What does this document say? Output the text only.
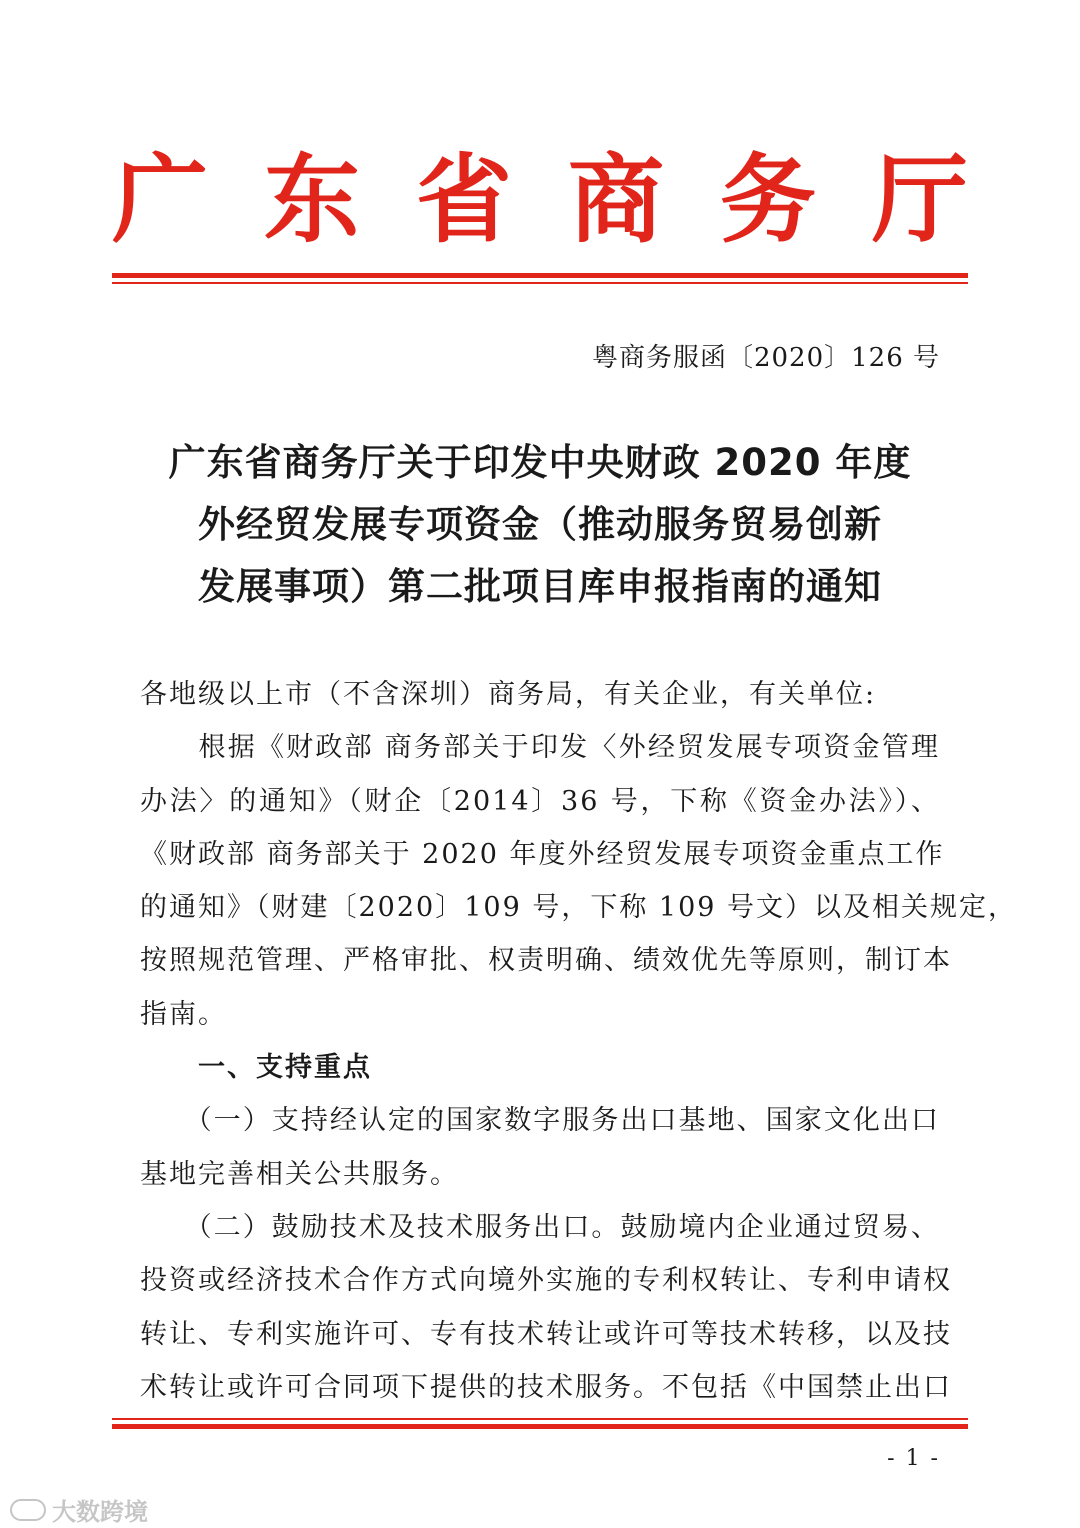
广 东 省 商 务 厅
粤商务服函〔2020〕126 号
广东省商务厅关于印发中央财政 2020 年度
外经贸发展专项资金（推动服务贸易创新
发展事项）第二批项目库申报指南的通知
各地级以上市（不含深圳）商务局，有关企业，有关单位:
　　根据《财政部 商务部关于印发〈外经贸发展专项资金管理
办法〉的通知》（财企〔2014〕36 号，下称《资金办法》）、
《财政部 商务部关于 2020 年度外经贸发展专项资金重点工作
的通知》（财建〔2020〕109 号，下称 109 号文）以及相关规定，
按照规范管理、严格审批、权责明确、绩效优先等原则，制订本
指南。
　　一、支持重点
　　（一）支持经认定的国家数字服务出口基地、国家文化出口
基地完善相关公共服务。
　　（二）鼓励技术及技术服务出口。鼓励境内企业通过贸易、
投资或经济技术合作方式向境外实施的专利权转让、专利申请权
转让、专利实施许可、专有技术转让或许可等技术转移，以及技
术转让或许可合同项下提供的技术服务。不包括《中国禁止出口
- 1 -
大数跨境
